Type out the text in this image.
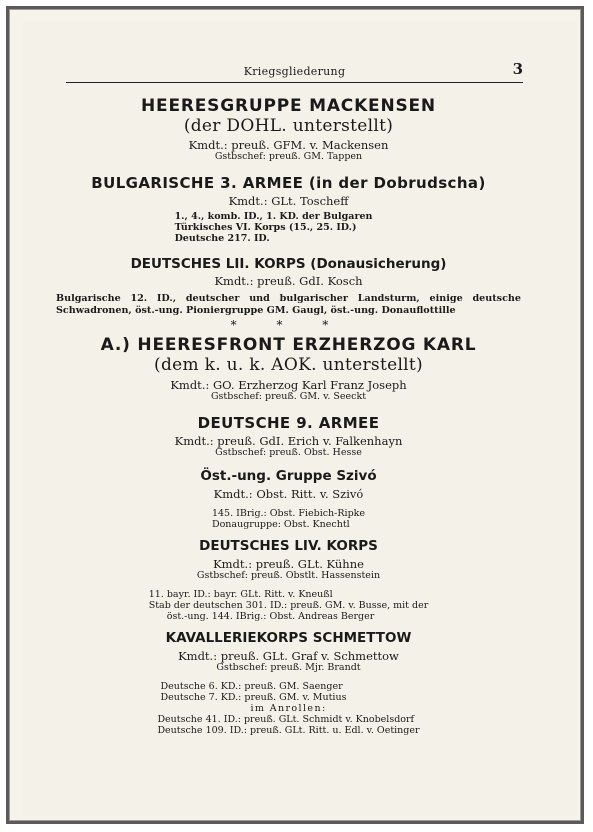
Kriegsgliederung	3
HEERESGRUPPE MACKENSEN
(der DOHL. unterstellt)
Kmdt.: preuß. GFM. v. Mackensen
Gstbschef: preuß. GM. Tappen
BULGARISCHE 3. ARMEE (in der Dobrudscha)
Kmdt.: GLt. Toscheff
1., 4., komb. ID., 1. KD. der Bulgaren
Türkisches VI. Korps (15., 25. ID.)
Deutsche 217. ID.
DEUTSCHES LII. KORPS (Donausicherung)
Kmdt.: preuß. GdI. Kosch
Bulgarische 12. ID., deutscher und bulgarischer Landsturm, einige deutsche Schwadronen, öst.-ung. Pioniergruppe GM. Gaugl, öst.-ung. Donauflottille
* * *
A.) HEERESFRONT ERZHERZOG KARL
(dem k. u. k. AOK. unterstellt)
Kmdt.: GO. Erzherzog Karl Franz Joseph
Gstbschef: preuß. GM. v. Seeckt
DEUTSCHE 9. ARMEE
Kmdt.: preuß. GdI. Erich v. Falkenhayn
Gstbschef: preuß. Obst. Hesse
Öst.-ung. Gruppe Szivó
Kmdt.: Obst. Ritt. v. Szivó
145. IBrig.: Obst. Fiebich-Ripke
Donaugruppe: Obst. Knechtl
DEUTSCHES LIV. KORPS
Kmdt.: preuß. GLt. Kühne
Gstbschef: preuß. Obstlt. Hassenstein
11. bayr. ID.: bayr. GLt. Ritt. v. Kneußl
Stab der deutschen 301. ID.: preuß. GM. v. Busse, mit der
öst.-ung. 144. IBrig.: Obst. Andreas Berger
KAVALLERIEKORPS SCHMETTOW
Kmdt.: preuß. GLt. Graf v. Schmettow
Gstbschef: preuß. Mjr. Brandt
Deutsche 6. KD.: preuß. GM. Saenger
Deutsche 7. KD.: preuß. GM. v. Mutius
im Anrollen:
Deutsche 41. ID.: preuß. GLt. Schmidt v. Knobelsdorf
Deutsche 109. ID.: preuß. GLt. Ritt. u. Edl. v. Oetinger
